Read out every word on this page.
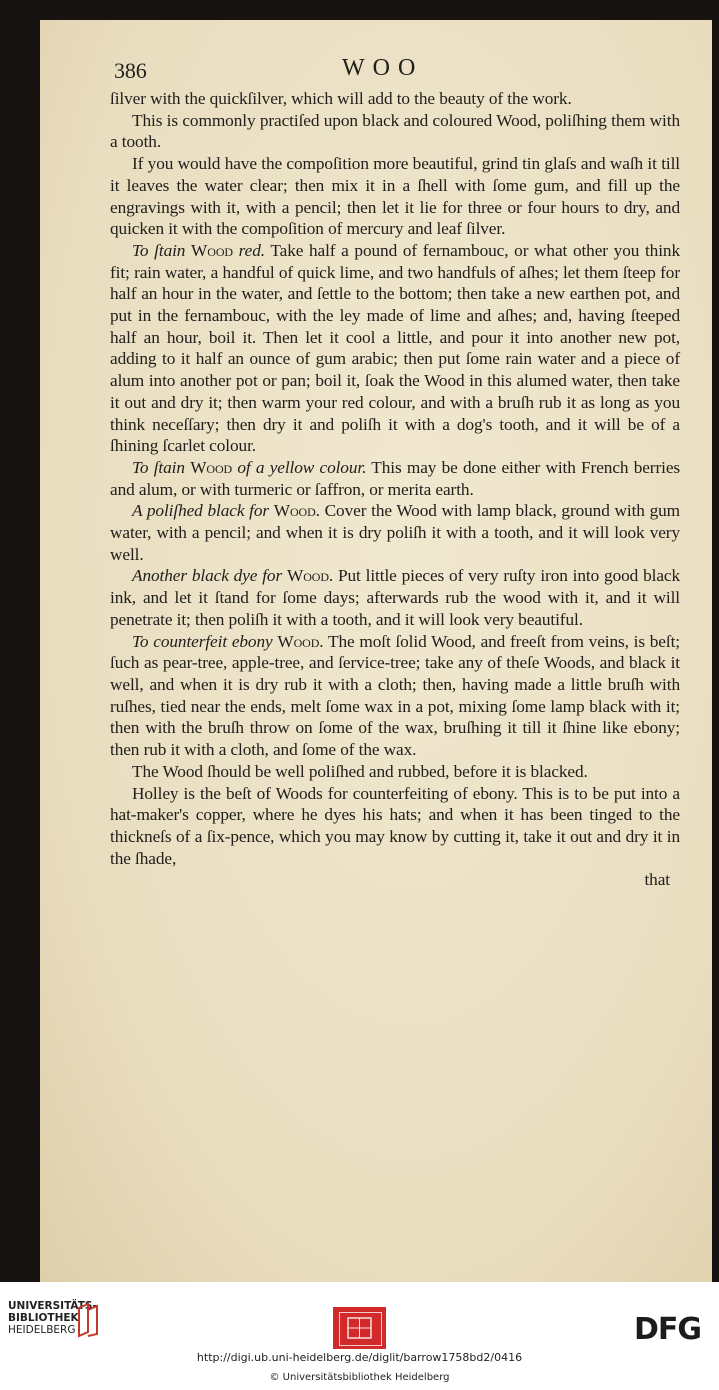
386	WOO

ſilver with the quickſilver, which will add to the beauty of the work.

This is commonly practiſed upon black and coloured Wood, poliſhing them with a tooth.

If you would have the compoſition more beautiful, grind tin glaſs and waſh it till it leaves the water clear; then mix it in a ſhell with ſome gum, and fill up the engravings with it, with a pencil; then let it lie for three or four hours to dry, and quicken it with the compoſition of mercury and leaf ſilver.

To ſtain Wood red. Take half a pound of fernambouc, or what other you think fit; rain water, a handful of quick lime, and two handfuls of aſhes; let them ſteep for half an hour in the water, and ſettle to the bottom; then take a new earthen pot, and put in the fernambouc, with the ley made of lime and aſhes; and, having ſteeped half an hour, boil it. Then let it cool a little, and pour it into another new pot, adding to it half an ounce of gum arabic; then put ſome rain water and a piece of alum into another pot or pan; boil it, ſoak the Wood in this alumed water, then take it out and dry it; then warm your red colour, and with a bruſh rub it as long as you think neceſſary; then dry it and poliſh it with a dog's tooth, and it will be of a ſhining ſcarlet colour.

To ſtain Wood of a yellow colour. This may be done either with French berries and alum, or with turmeric or ſaffron, or merita earth.

A poliſhed black for Wood. Cover the Wood with lamp black, ground with gum water, with a pencil; and when it is dry poliſh it with a tooth, and it will look very well.

Another black dye for Wood. Put little pieces of very ruſty iron into good black ink, and let it ſtand for ſome days; afterwards rub the wood with it, and it will penetrate it; then poliſh it with a tooth, and it will look very beautiful.

To counterfeit ebony Wood. The moſt ſolid Wood, and freeſt from veins, is beſt; ſuch as pear-tree, apple-tree, and ſervice-tree; take any of theſe Woods, and black it well, and when it is dry rub it with a cloth; then, having made a little bruſh with ruſhes, tied near the ends, melt ſome wax in a pot, mixing ſome lamp black with it; then with the bruſh throw on ſome of the wax, bruſhing it till it ſhine like ebony; then rub it with a cloth, and ſome of the wax.

The Wood ſhould be well poliſhed and rubbed, before it is blacked.

Holley is the beſt of Woods for counterfeiting of ebony. This is to be put into a hat-maker's copper, where he dyes his hats; and when it has been tinged to the thickneſs of a ſix-pence, which you may know by cutting it, take it out and dry it in the ſhade,

that

UNIVERSITÄTS-
BIBLIOTHEK
HEIDELBERG	DFG
http://digi.ub.uni-heidelberg.de/diglit/barrow1758bd2/0416
© Universitätsbibliothek Heidelberg
